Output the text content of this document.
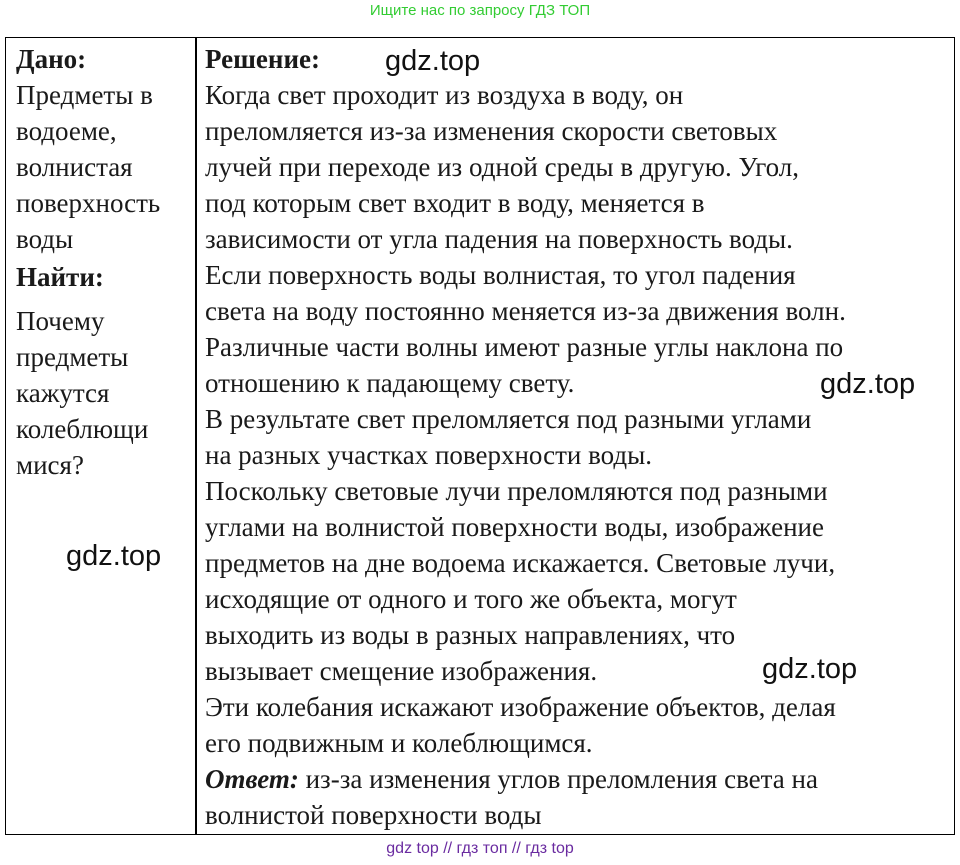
Ищите нас по запросу ГДЗ ТОП
Дано:
Предметы в
водоеме,
волнистая
поверхность
воды
Найти:
Почему
предметы
кажутся
колеблющи
мися?
Решение:
Когда свет проходит из воздуха в воду, он
преломляется из-за изменения скорости световых
лучей при переходе из одной среды в другую. Угол,
под которым свет входит в воду, меняется в
зависимости от угла падения на поверхность воды.
Если поверхность воды волнистая, то угол падения
света на воду постоянно меняется из-за движения волн.
Различные части волны имеют разные углы наклона по
отношению к падающему свету.
В результате свет преломляется под разными углами
на разных участках поверхности воды.
Поскольку световые лучи преломляются под разными
углами на волнистой поверхности воды, изображение
предметов на дне водоема искажается. Световые лучи,
исходящие от одного и того же объекта, могут
выходить из воды в разных направлениях, что
вызывает смещение изображения.
Эти колебания искажают изображение объектов, делая
его подвижным и колеблющимся.
Ответ: из-за изменения углов преломления света на
волнистой поверхности воды
gdz.top
gdz.top
gdz.top
gdz.top
gdz top // гдз топ // гдз top
